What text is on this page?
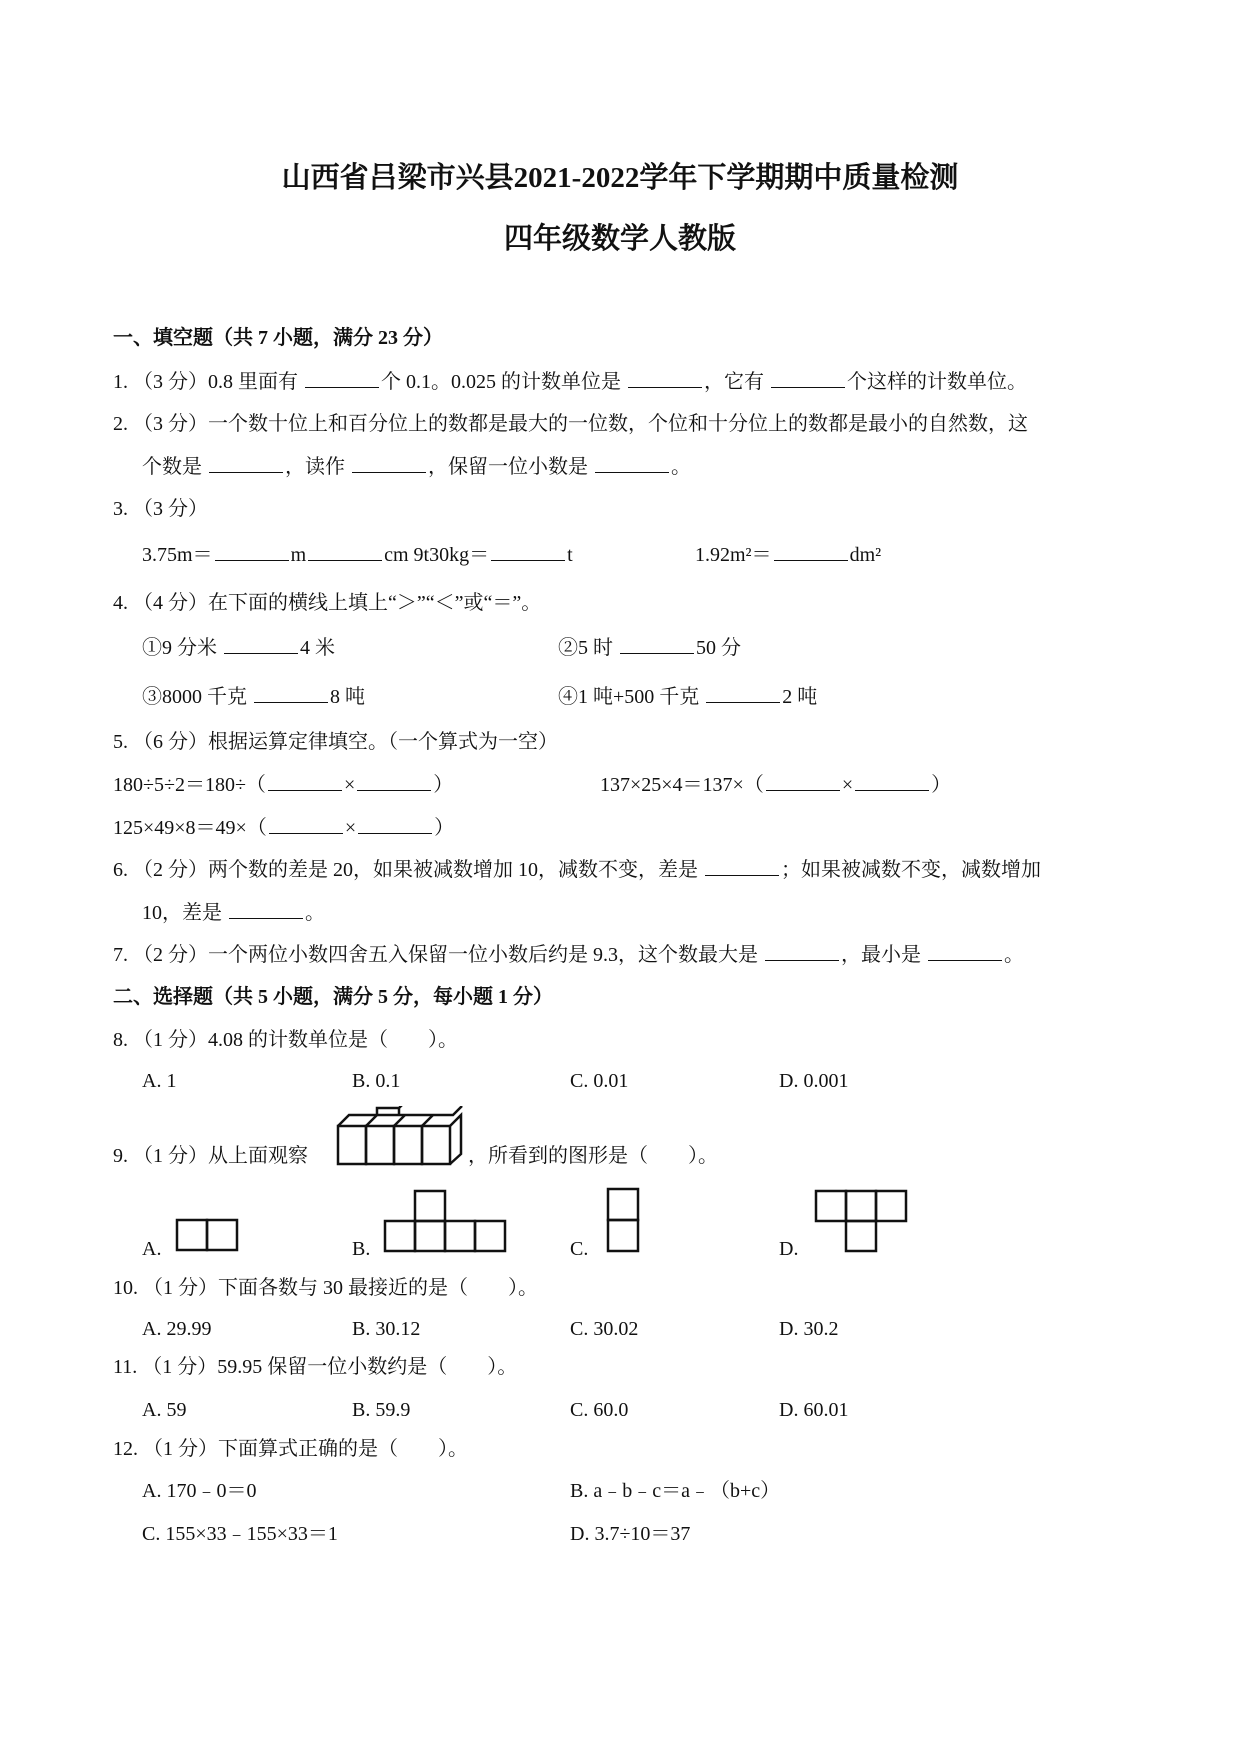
山西省吕梁市兴县2021-2022学年下学期期中质量检测
四年级数学人教版
一、填空题（共 7 小题，满分 23 分）
1. （3 分）0.8 里面有	个 0.1。0.025 的计数单位是	，它有	个这样的计数单位。
2. （3 分）一个数十位上和百分位上的数都是最大的一位数，个位和十分位上的数都是最小的自然数，这
个数是	，读作	，保留一位小数是	。
3. （3 分）
3.75m＝	m	cm 9t30kg＝	t	1.92m²＝	dm²
4. （4 分）在下面的横线上填上“＞”“＜”或“＝”。
①9 分米	4 米	②5 时	50 分
③8000 千克	8 吨	④1 吨+500 千克	2 吨
5. （6 分）根据运算定律填空。（一个算式为一空）
180÷5÷2＝180÷（	×	）	137×25×4＝137×（	×	）
125×49×8＝49×（	×	）
6. （2 分）两个数的差是 20，如果被减数增加 10，减数不变，差是	；如果被减数不变，减数增加
10，差是	。
7. （2 分）一个两位小数四舍五入保留一位小数后约是 9.3，这个数最大是	，最小是	。
二、选择题（共 5 小题，满分 5 分，每小题 1 分）
8. （1 分）4.08 的计数单位是（　　）。
A. 1	B. 0.1	C. 0.01	D. 0.001
9. （1 分）从上面观察	，所看到的图形是（　　）。
A.	B.	C.	D.
10. （1 分）下面各数与 30 最接近的是（　　）。
A. 29.99	B. 30.12	C. 30.02	D. 30.2
11. （1 分）59.95 保留一位小数约是（　　）。
A. 59	B. 59.9	C. 60.0	D. 60.01
12. （1 分）下面算式正确的是（　　）。
A. 170﹣0＝0	B. a﹣b﹣c＝a﹣（b+c）
C. 155×33﹣155×33＝1	D. 3.7÷10＝37
